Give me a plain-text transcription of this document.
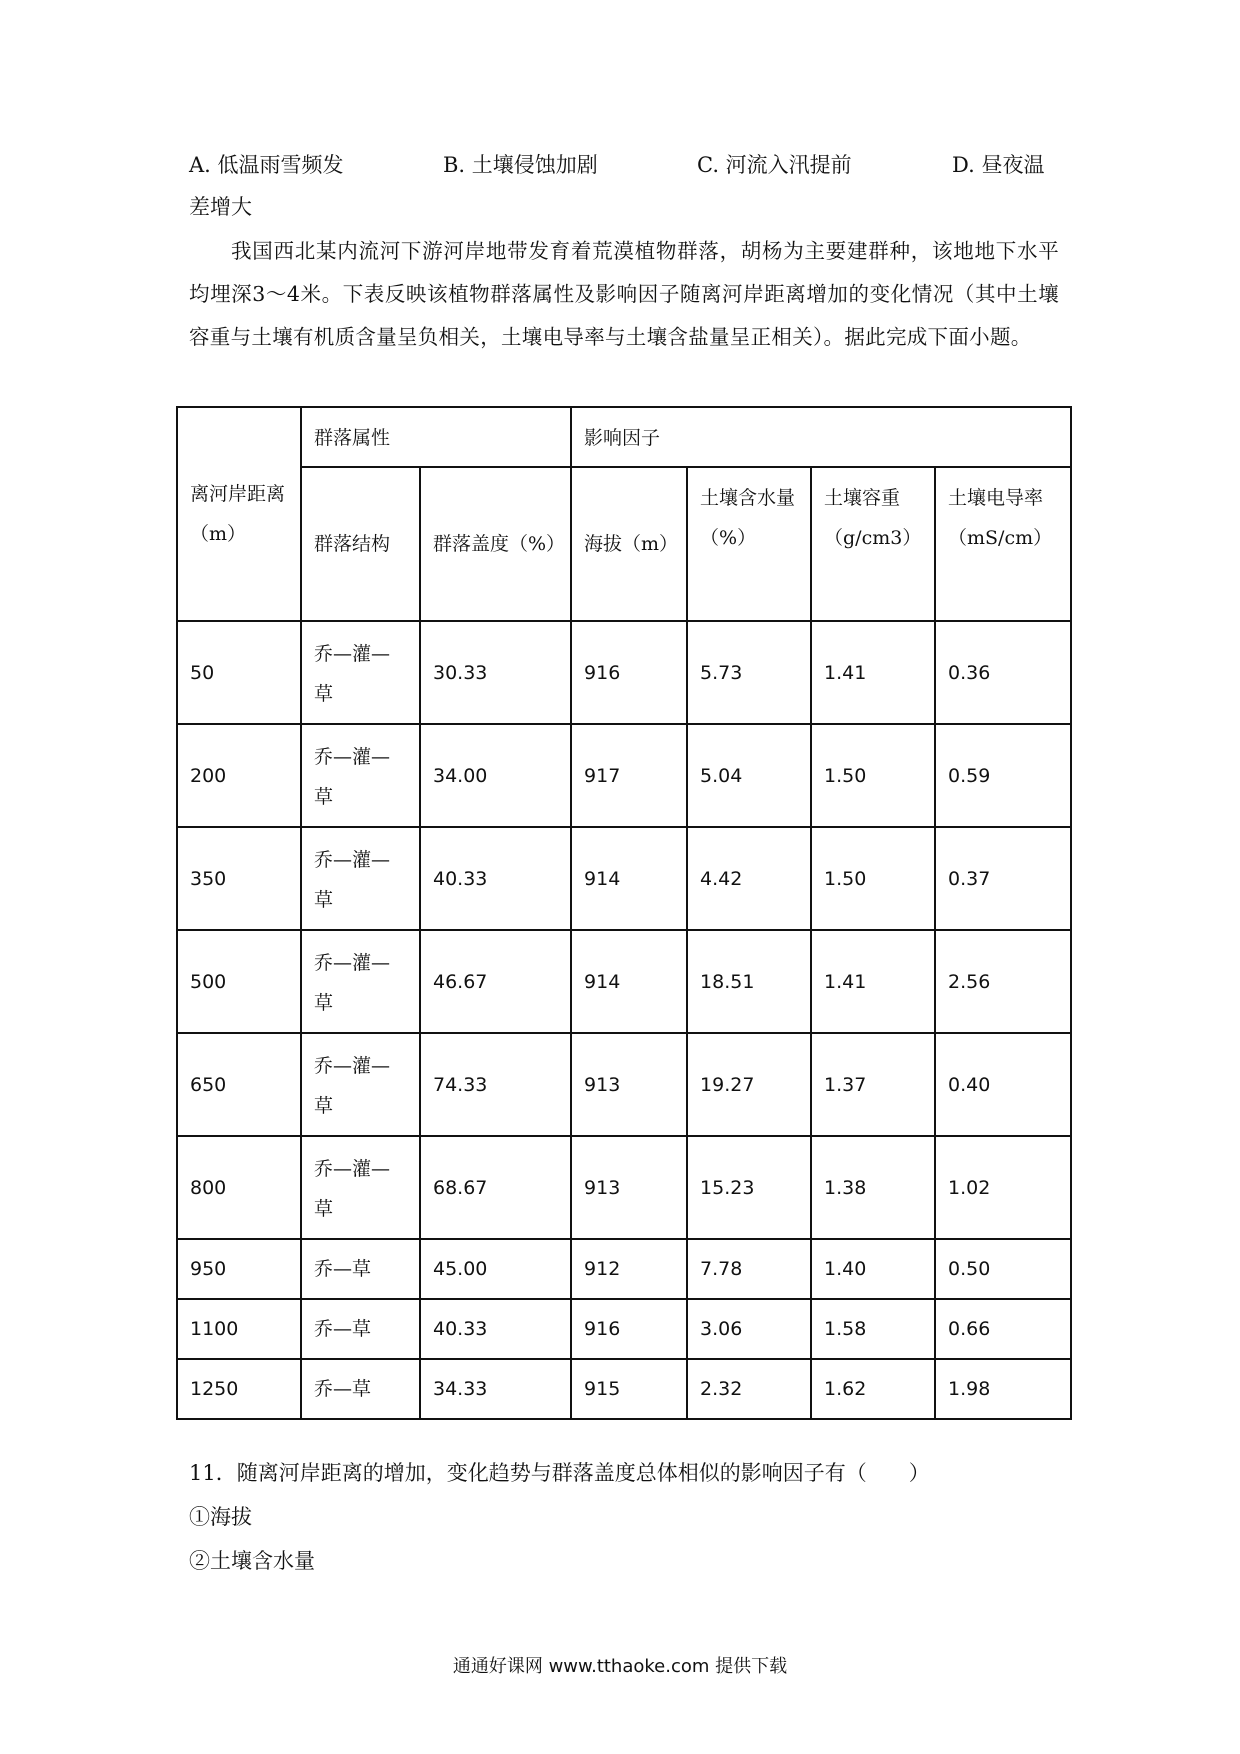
A. 低温雨雪频发	B. 土壤侵蚀加剧	C. 河流入汛提前	D. 昼夜温
差增大

我国西北某内流河下游河岸地带发育着荒漠植物群落，胡杨为主要建群种，该地地下水平均埋深3～4米。下表反映该植物群落属性及影响因子随离河岸距离增加的变化情况（其中土壤容重与土壤有机质含量呈负相关，土壤电导率与土壤含盐量呈正相关）。据此完成下面小题。

离河岸距离（m）	群落属性		影响因子			
	群落结构	群落盖度（%）	海拔（m）	土壤含水量（%）	土壤容重（g/cm3）	土壤电导率（mS/cm）
50	乔—灌—草	30.33	916	5.73	1.41	0.36
200	乔—灌—草	34.00	917	5.04	1.50	0.59
350	乔—灌—草	40.33	914	4.42	1.50	0.37
500	乔—灌—草	46.67	914	18.51	1.41	2.56
650	乔—灌—草	74.33	913	19.27	1.37	0.40
800	乔—灌—草	68.67	913	15.23	1.38	1.02
950	乔—草	45.00	912	7.78	1.40	0.50
1100	乔—草	40.33	916	3.06	1.58	0.66
1250	乔—草	34.33	915	2.32	1.62	1.98
11．随离河岸距离的增加，变化趋势与群落盖度总体相似的影响因子有（　　）
①海拔
②土壤含水量
通通好课网 www.tthaoke.com 提供下载
